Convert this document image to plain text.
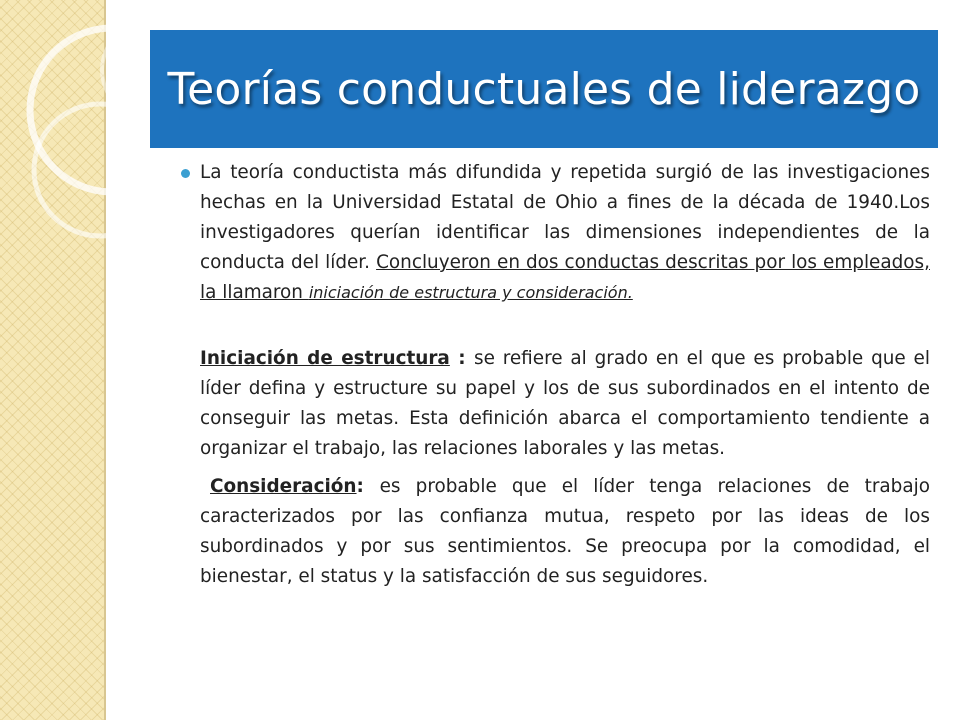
Teorías conductuales de liderazgo

La teoría conductista más difundida y repetida surgió de las investigaciones hechas en la Universidad Estatal de Ohio a fines de la década de 1940.Los investigadores querían identificar las dimensiones independientes de la conducta del líder. Concluyeron en dos conductas descritas por los empleados, la llamaron iniciación de estructura y consideración.

Iniciación de estructura : se refiere al grado en el que es probable que el líder defina y estructure su papel y los de sus subordinados en el intento de conseguir las metas. Esta definición abarca el comportamiento tendiente a organizar el trabajo, las relaciones laborales y las metas.

Consideración: es probable que el líder tenga relaciones de trabajo caracterizados por las confianza mutua, respeto por las ideas de los subordinados y por sus sentimientos. Se preocupa por la comodidad, el bienestar, el status y la satisfacción de sus seguidores.
